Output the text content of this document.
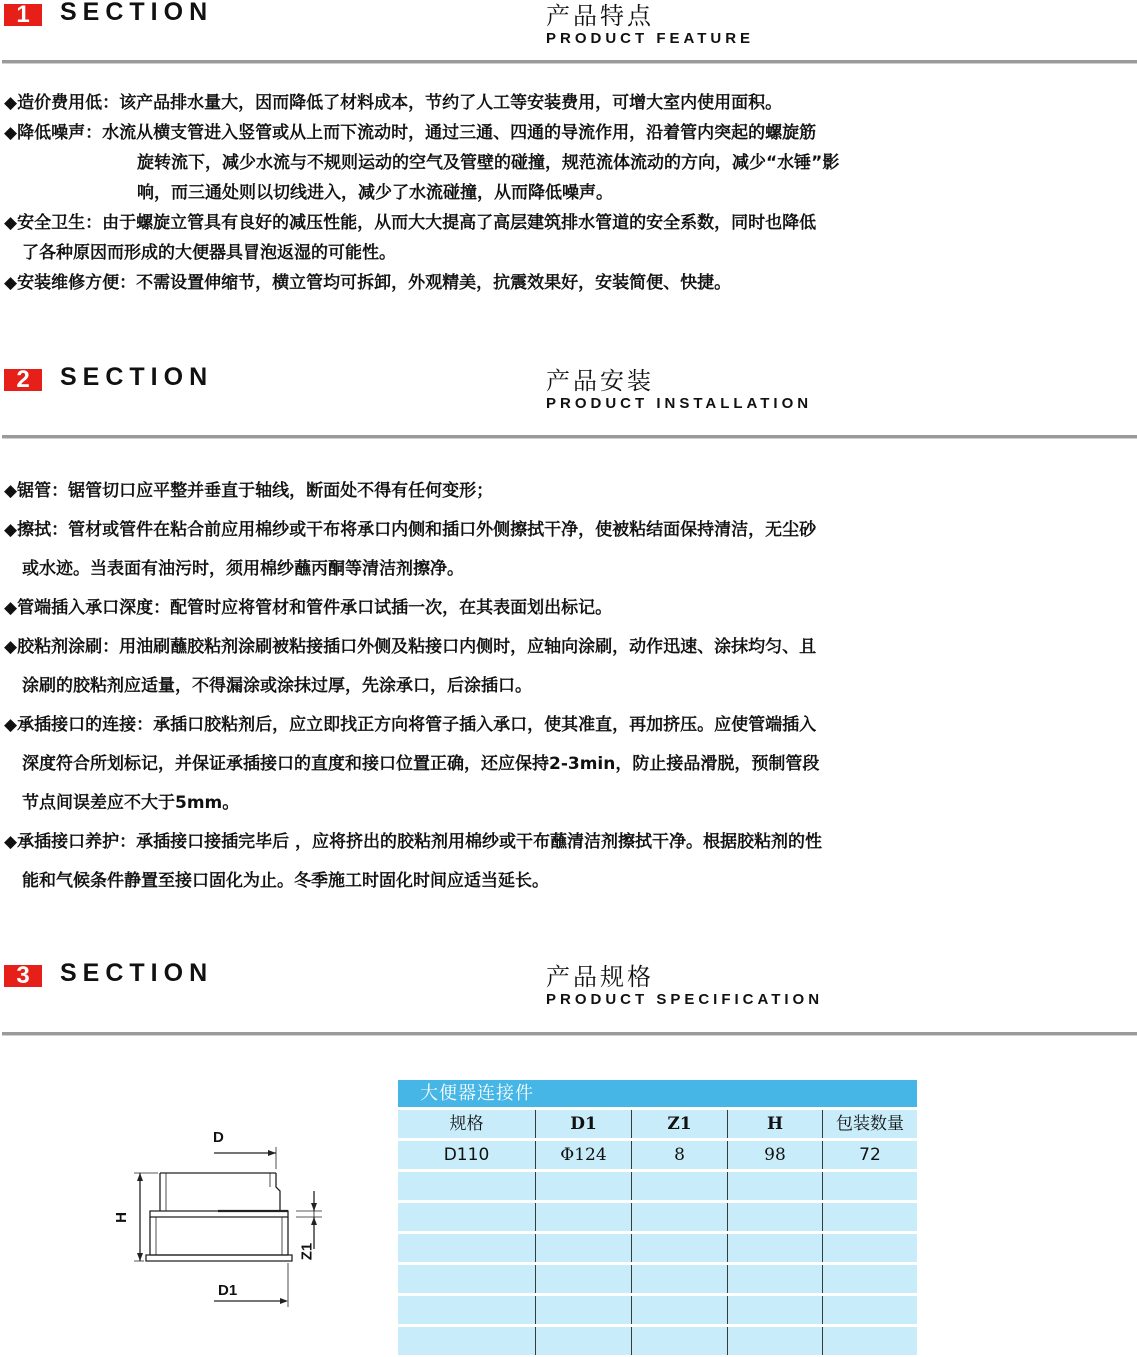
1	SECTION	产品特点
PRODUCT FEATURE
◆造价费用低：该产品排水量大，因而降低了材料成本，节约了人工等安装费用，可增大室内使用面积。
◆降低噪声：水流从横支管进入竖管或从上而下流动时，通过三通、四通的导流作用，沿着管内突起的螺旋筋
旋转流下，减少水流与不规则运动的空气及管壁的碰撞，规范流体流动的方向，减少“水锤”影
响，而三通处则以切线进入，减少了水流碰撞，从而降低噪声。
◆安全卫生：由于螺旋立管具有良好的减压性能，从而大大提高了高层建筑排水管道的安全系数，同时也降低
了各种原因而形成的大便器具冒泡返湿的可能性。
◆安装维修方便：不需设置伸缩节，横立管均可拆卸，外观精美，抗震效果好，安装简便、快捷。
2	SECTION	产品安装
PRODUCT INSTALLATION
◆锯管：锯管切口应平整并垂直于轴线，断面处不得有任何变形；
◆擦拭：管材或管件在粘合前应用棉纱或干布将承口内侧和插口外侧擦拭干净，使被粘结面保持清洁，无尘砂
或水迹。当表面有油污时，须用棉纱蘸丙酮等清洁剂擦净。
◆管端插入承口深度：配管时应将管材和管件承口试插一次，在其表面划出标记。
◆胶粘剂涂刷：用油刷蘸胶粘剂涂刷被粘接插口外侧及粘接口内侧时，应轴向涂刷，动作迅速、涂抹均匀、且
涂刷的胶粘剂应适量，不得漏涂或涂抹过厚，先涂承口，后涂插口。
◆承插接口的连接：承插口胶粘剂后，应立即找正方向将管子插入承口，使其准直，再加挤压。应使管端插入
深度符合所划标记，并保证承插接口的直度和接口位置正确，还应保持2-3min，防止接品滑脱，预制管段
节点间误差应不大于5mm。
◆承插接口养护：承插接口接插完毕后 ，应将挤出的胶粘剂用棉纱或干布蘸清洁剂擦拭干净。根据胶粘剂的性
能和气候条件静置至接口固化为止。冬季施工时固化时间应适当延长。
3	SECTION	产品规格
PRODUCT SPECIFICATION
D
H
Z1
D1
大便器连接件
规格	D1	Z1	H	包装数量
D110	Φ124	8	98	72
